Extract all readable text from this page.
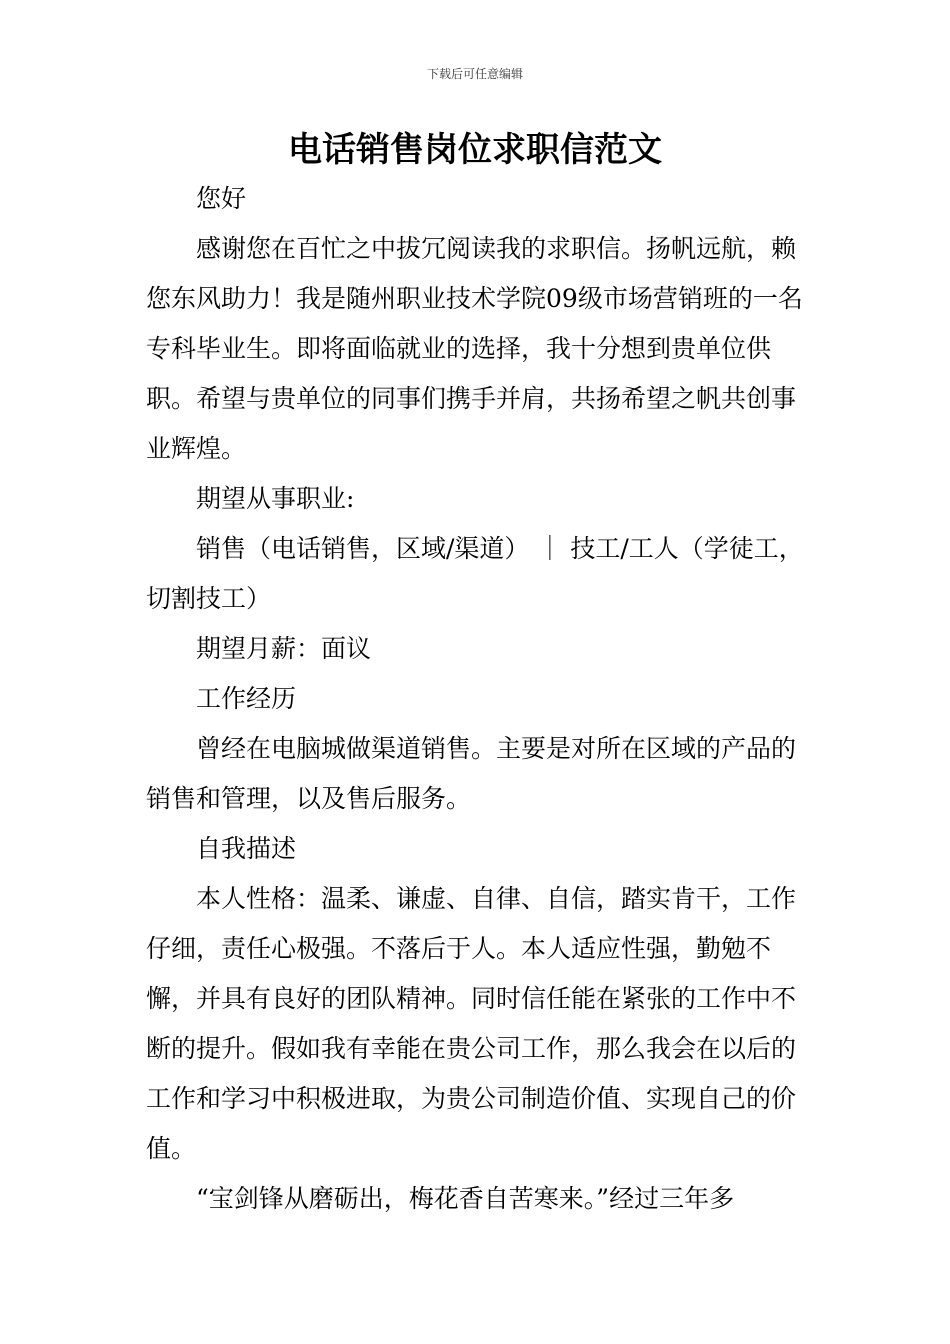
下载后可任意编辑
电话销售岗位求职信范文

您好

感谢您在百忙之中拔冗阅读我的求职信。扬帆远航，赖您东风助力！我是随州职业技术学院09级市场营销班的一名专科毕业生。即将面临就业的选择，我十分想到贵单位供职。希望与贵单位的同事们携手并肩，共扬希望之帆共创事业辉煌。

期望从事职业:

销售（电话销售，区域/渠道） ｜ 技工/工人（学徒工，切割技工）

期望月薪：面议

工作经历

曾经在电脑城做渠道销售。主要是对所在区域的产品的销售和管理，以及售后服务。

自我描述

本人性格：温柔、谦虚、自律、自信，踏实肯干，工作仔细，责任心极强。不落后于人。本人适应性强，勤勉不懈，并具有良好的团队精神。同时信任能在紧张的工作中不断的提升。假如我有幸能在贵公司工作，那么我会在以后的工作和学习中积极进取，为贵公司制造价值、实现自己的价值。

“宝剑锋从磨砺出，梅花香自苦寒来。”经过三年多
